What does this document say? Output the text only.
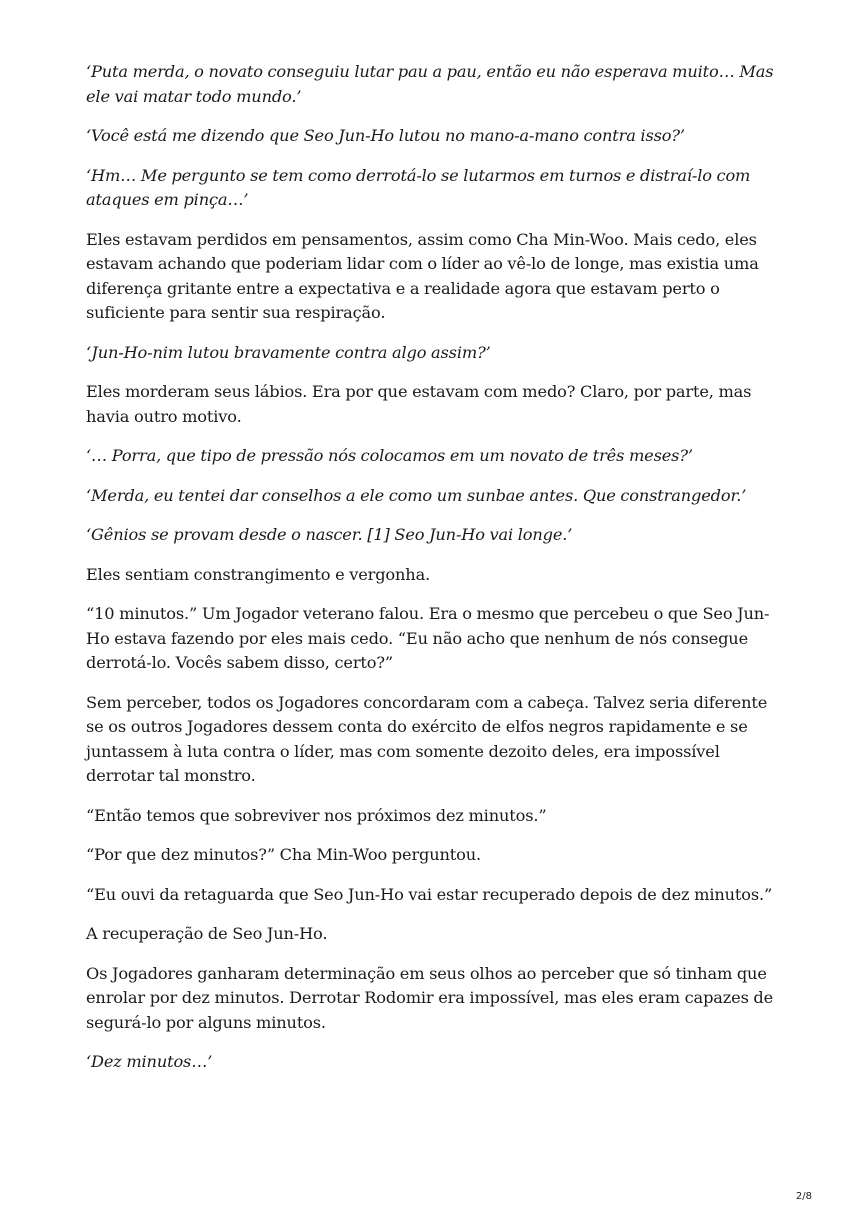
‘Puta merda, o novato conseguiu lutar pau a pau, então eu não esperava muito… Mas ele vai matar todo mundo.’

‘Você está me dizendo que Seo Jun-Ho lutou no mano-a-mano contra isso?’

‘Hm… Me pergunto se tem como derrotá-lo se lutarmos em turnos e distraí-lo com ataques em pinça…’

Eles estavam perdidos em pensamentos, assim como Cha Min-Woo. Mais cedo, eles estavam achando que poderiam lidar com o líder ao vê-lo de longe, mas existia uma diferença gritante entre a expectativa e a realidade agora que estavam perto o suficiente para sentir sua respiração.

‘Jun-Ho-nim lutou bravamente contra algo assim?’

Eles morderam seus lábios. Era por que estavam com medo? Claro, por parte, mas havia outro motivo.

‘… Porra, que tipo de pressão nós colocamos em um novato de três meses?’

‘Merda, eu tentei dar conselhos a ele como um sunbae antes. Que constrangedor.’

‘Gênios se provam desde o nascer. [1] Seo Jun-Ho vai longe.’

Eles sentiam constrangimento e vergonha.

“10 minutos.” Um Jogador veterano falou. Era o mesmo que percebeu o que Seo Jun-Ho estava fazendo por eles mais cedo. “Eu não acho que nenhum de nós consegue derrotá-lo. Vocês sabem disso, certo?”

Sem perceber, todos os Jogadores concordaram com a cabeça. Talvez seria diferente se os outros Jogadores dessem conta do exército de elfos negros rapidamente e se juntassem à luta contra o líder, mas com somente dezoito deles, era impossível derrotar tal monstro.

“Então temos que sobreviver nos próximos dez minutos.”

“Por que dez minutos?” Cha Min-Woo perguntou.

“Eu ouvi da retaguarda que Seo Jun-Ho vai estar recuperado depois de dez minutos.”

A recuperação de Seo Jun-Ho.

Os Jogadores ganharam determinação em seus olhos ao perceber que só tinham que enrolar por dez minutos. Derrotar Rodomir era impossível, mas eles eram capazes de segurá-lo por alguns minutos.

‘Dez minutos…’

2/8
